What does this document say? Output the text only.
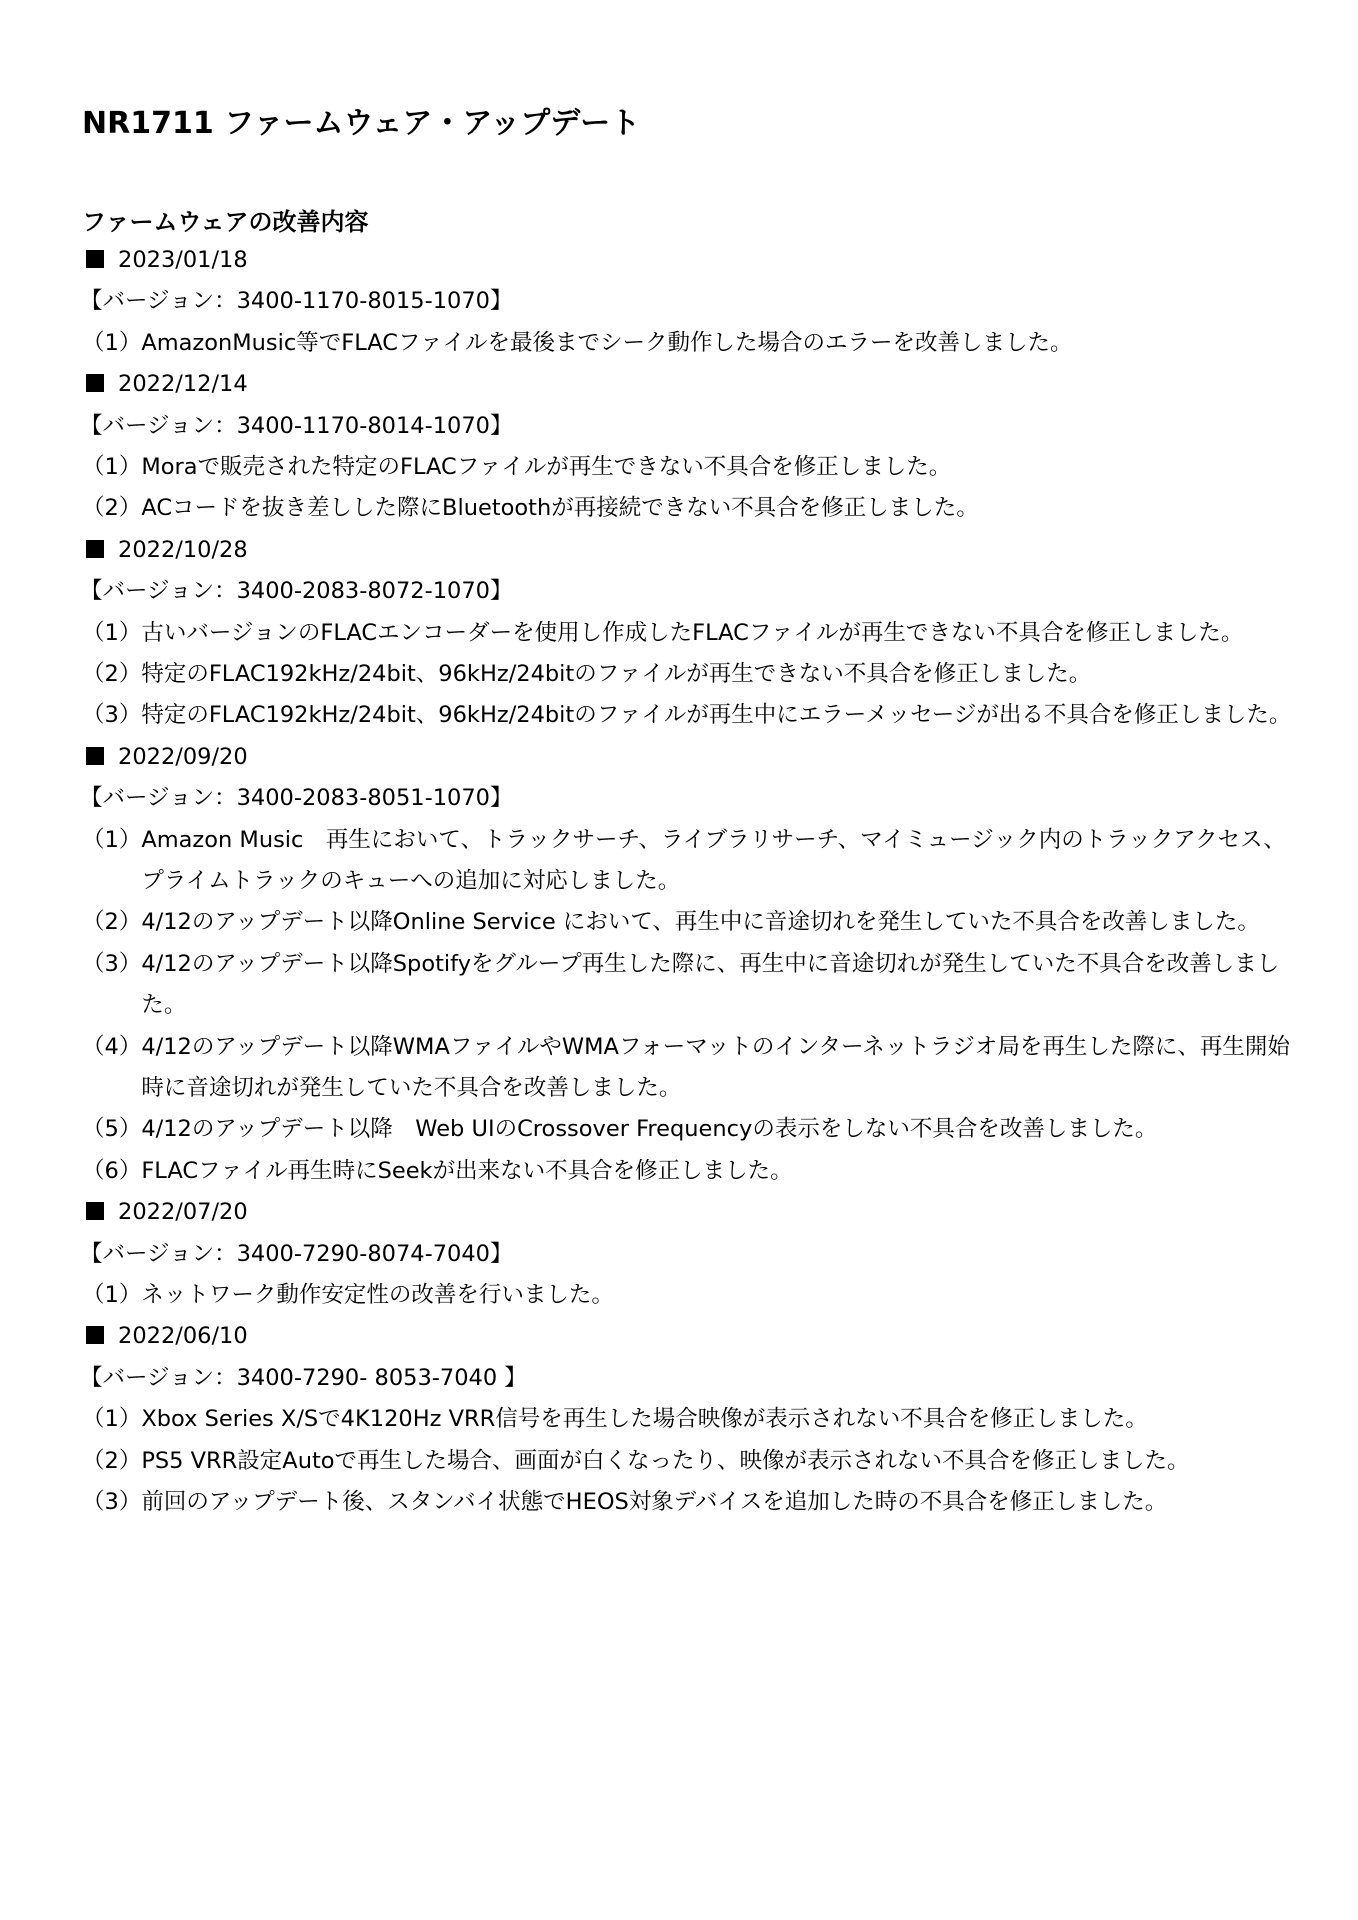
NR1711 ファームウェア・アップデート
ファームウェアの改善内容
2023/01/18
【バージョン：3400-1170-8015-1070】
（1） AmazonMusic等でFLACファイルを最後までシーク動作した場合のエラーを改善しました。
2022/12/14
【バージョン：3400-1170-8014-1070】
（1） Moraで販売された特定のFLACファイルが再生できない不具合を修正しました。
（2） ACコードを抜き差しした際にBluetoothが再接続できない不具合を修正しました。
2022/10/28
【バージョン：3400-2083-8072-1070】
（1） 古いバージョンのFLACエンコーダーを使用し作成したFLACファイルが再生できない不具合を修正しました。
（2） 特定のFLAC192kHz/24bit、96kHz/24bitのファイルが再生できない不具合を修正しました。
（3） 特定のFLAC192kHz/24bit、96kHz/24bitのファイルが再生中にエラーメッセージが出る不具合を修正しました。
2022/09/20
【バージョン：3400-2083-8051-1070】
（1） Amazon Music　再生において、トラックサーチ、ライブラリサーチ、マイミュージック内のトラックアクセス、プライムトラックのキューへの追加に対応しました。
（2） 4/12のアップデート以降Online Service において、再生中に音途切れを発生していた不具合を改善しました。
（3） 4/12のアップデート以降Spotifyをグループ再生した際に、再生中に音途切れが発生していた不具合を改善しました。
（4） 4/12のアップデート以降WMAファイルやWMAフォーマットのインターネットラジオ局を再生した際に、再生開始時に音途切れが発生していた不具合を改善しました。
（5） 4/12のアップデート以降　Web UIのCrossover Frequencyの表示をしない不具合を改善しました。
（6） FLACファイル再生時にSeekが出来ない不具合を修正しました。
2022/07/20
【バージョン：3400-7290-8074-7040】
（1） ネットワーク動作安定性の改善を行いました。
2022/06/10
【バージョン：3400-7290- 8053-7040 】
（1） Xbox Series X/Sで4K120Hz VRR信号を再生した場合映像が表示されない不具合を修正しました。
（2） PS5 VRR設定Autoで再生した場合、画面が白くなったり、映像が表示されない不具合を修正しました。
（3） 前回のアップデート後、スタンバイ状態でHEOS対象デバイスを追加した時の不具合を修正しました。
